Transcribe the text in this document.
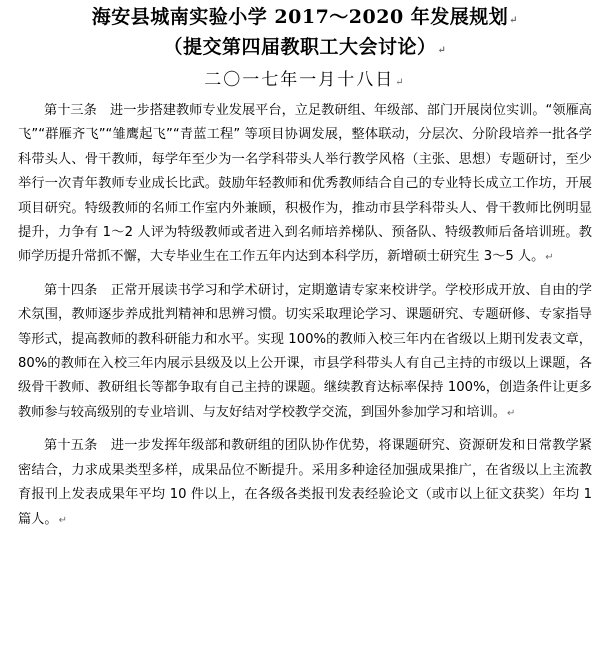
海安县城南实验小学 2017～2020 年发展规划↵
（提交第四届教职工大会讨论）↵
二〇一七年一月十八日↵

第十三条　进一步搭建教师专业发展平台，立足教研组、年级部、部门开展岗位实训。“领雁高飞”“群雁齐飞”“雏鹰起飞”“青蓝工程” 等项目协调发展，整体联动，分层次、分阶段培养一批各学科带头人、骨干教师，每学年至少为一名学科带头人举行教学风格（主张、思想）专题研讨，至少举行一次青年教师专业成长比武。鼓励年轻教师和优秀教师结合自己的专业特长成立工作坊，开展项目研究。特级教师的名师工作室内外兼顾，积极作为，推动市县学科带头人、骨干教师比例明显提升，力争有 1～2 人评为特级教师或者进入到名师培养梯队、预备队、特级教师后备培训班。教师学历提升常抓不懈，大专毕业生在工作五年内达到本科学历，新增硕士研究生 3～5 人。↵

第十四条　正常开展读书学习和学术研讨，定期邀请专家来校讲学。学校形成开放、自由的学术氛围，教师逐步养成批判精神和思辨习惯。切实采取理论学习、课题研究、专题研修、专家指导等形式，提高教师的教科研能力和水平。实现 100%的教师入校三年内在省级以上期刊发表文章，80%的教师在入校三年内展示县级及以上公开课，市县学科带头人有自己主持的市级以上课题，各级骨干教师、教研组长等都争取有自己主持的课题。继续教育达标率保持 100%，创造条件让更多教师参与较高级别的专业培训、与友好结对学校教学交流，到国外参加学习和培训。↵

第十五条　进一步发挥年级部和教研组的团队协作优势，将课题研究、资源研发和日常教学紧密结合，力求成果类型多样，成果品位不断提升。采用多种途径加强成果推广，在省级以上主流教育报刊上发表成果年平均 10 件以上，在各级各类报刊发表经验论文（或市以上征文获奖）年均 1 篇人。↵
